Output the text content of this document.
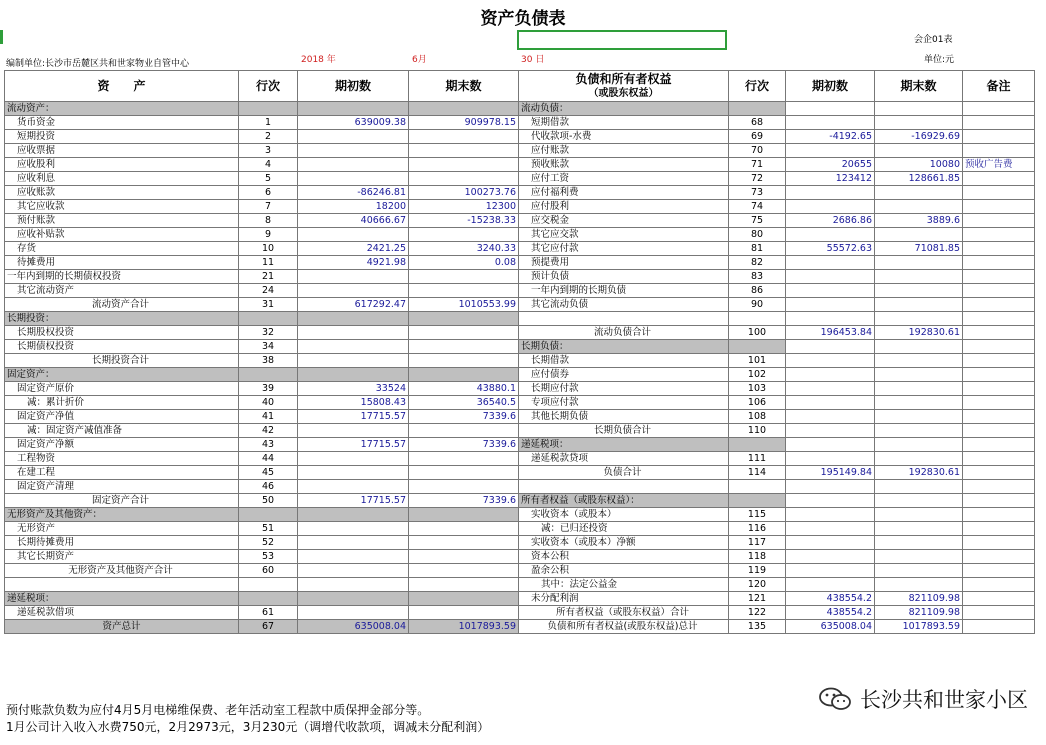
资产负债表
会企01表
编制单位:长沙市岳麓区共和世家物业自管中心	2018 年	6月	30 日	单位:元
资　　产	行次	期初数	期末数	负债和所有者权益
（或股东权益）	行次	期初数	期末数	备注
流动资产：				流动负债：				
货币资金	1	639009.38	909978.15	短期借款	68			
短期投资	2			代收款项-水费	69	-4192.65	-16929.69	
应收票据	3			应付账款	70			
应收股利	4			预收账款	71	20655	10080	预收广告费
应收利息	5			应付工资	72	123412	128661.85	
应收账款	6	-86246.81	100273.76	应付福利费	73			
其它应收款	7	18200	12300	应付股利	74			
预付账款	8	40666.67	-15238.33	应交税金	75	2686.86	3889.6	
应收补贴款	9			其它应交款	80			
存货	10	2421.25	3240.33	其它应付款	81	55572.63	71081.85	
待摊费用	11	4921.98	0.08	预提费用	82			
一年内到期的长期债权投资	21			预计负债	83			
其它流动资产	24			一年内到期的长期负债	86			
流动资产合计	31	617292.47	1010553.99	其它流动负债	90			
长期投资：								
长期股权投资	32			流动负债合计	100	196453.84	192830.61	
长期债权投资	34			长期负债：				
长期投资合计	38			长期借款	101			
固定资产：				应付债券	102			
固定资产原价	39	33524	43880.1	长期应付款	103			
减：累计折价	40	15808.43	36540.5	专项应付款	106			
固定资产净值	41	17715.57	7339.6	其他长期负债	108			
减：固定资产减值准备	42			长期负债合计	110			
固定资产净额	43	17715.57	7339.6	递延税项：				
工程物资	44			递延税款贷项	111			
在建工程	45			负债合计	114	195149.84	192830.61	
固定资产清理	46							
固定资产合计	50	17715.57	7339.6	所有者权益（或股东权益）：				
无形资产及其他资产：				实收资本（或股本）	115			
无形资产	51			减：已归还投资	116			
长期待摊费用	52			实收资本（或股本）净额	117			
其它长期资产	53			资本公积	118			
无形资产及其他资产合计	60			盈余公积	119			
				其中：法定公益金	120			
递延税项：				未分配利润	121	438554.2	821109.98	
递延税款借项	61			所有者权益（或股东权益）合计	122	438554.2	821109.98	
资产总计	67	635008.04	1017893.59	负债和所有者权益(或股东权益)总计	135	635008.04	1017893.59	
预付账款负数为应付4月5月电梯维保费、老年活动室工程款中质保押金部分等。
1月公司计入收入水费750元，2月2973元，3月230元（调增代收款项，调减未分配利润）
长沙共和世家小区
